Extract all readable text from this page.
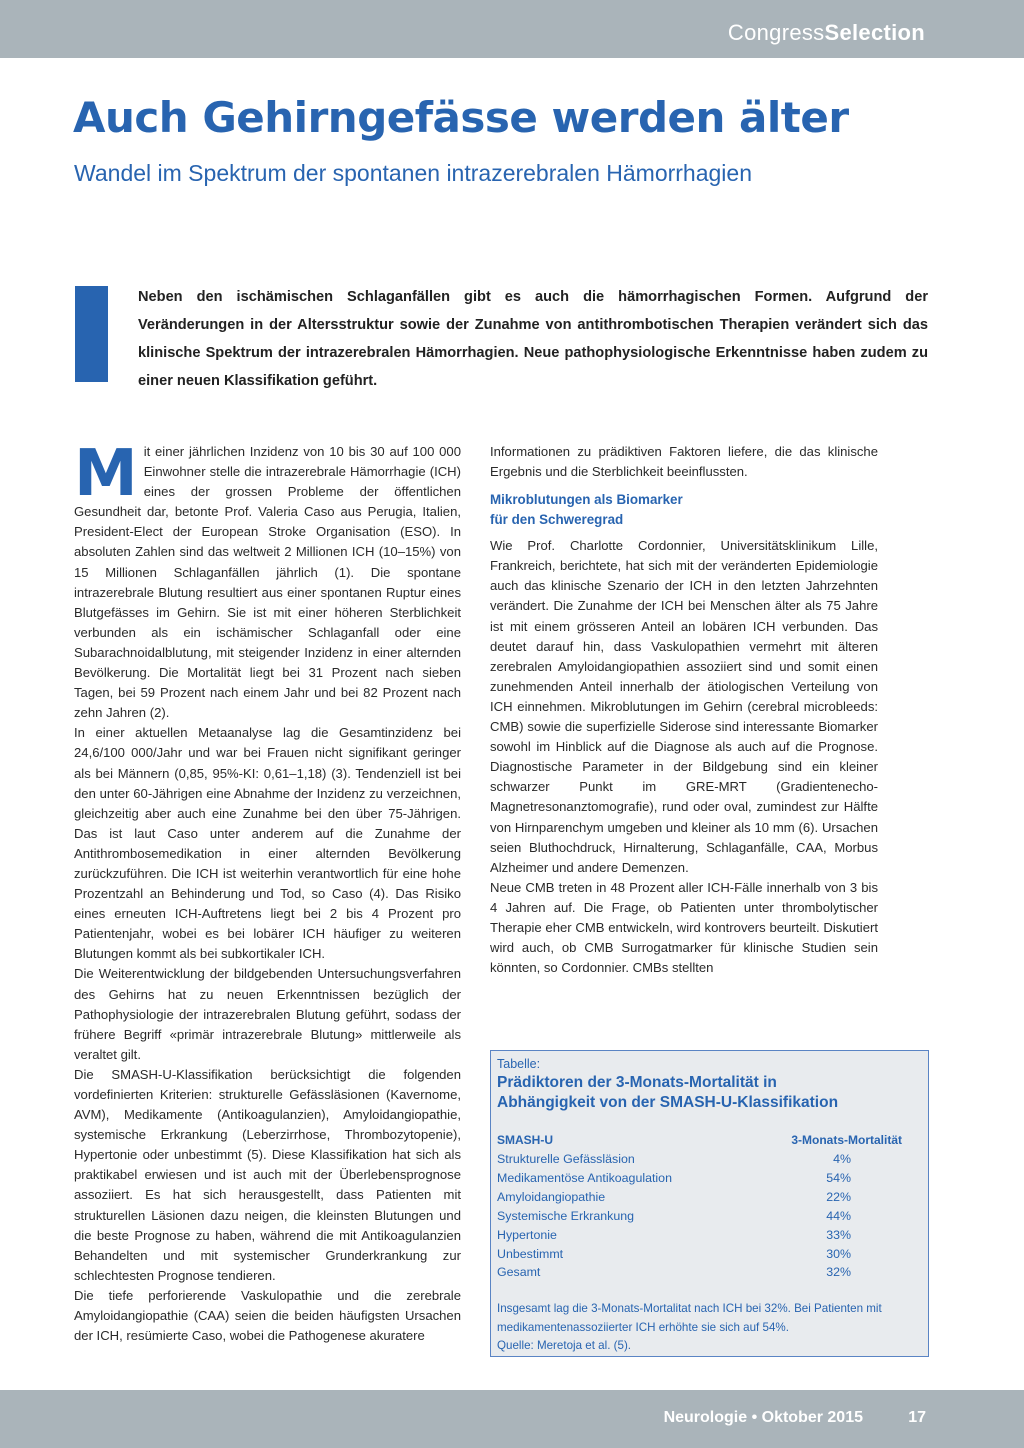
CongressSelection
Auch Gehirngefässe werden älter
Wandel im Spektrum der spontanen intrazerebralen Hämorrhagien
Neben den ischämischen Schlaganfällen gibt es auch die hämorrhagischen Formen. Aufgrund der Veränderungen in der Altersstruktur sowie der Zunahme von antithrombotischen Therapien verändert sich das klinische Spektrum der intrazerebralen Hämorrhagien. Neue pathophysiologische Erkenntnisse haben zudem zu einer neuen Klassifikation geführt.
M it einer jährlichen Inzidenz von 10 bis 30 auf 100 000 Einwohner stelle die intrazerebrale Hämorrhagie (ICH) eines der grossen Probleme der öffentlichen Gesundheit dar, betonte Prof. Valeria Caso aus Perugia, Italien, President-Elect der European Stroke Organisation (ESO). In absoluten Zahlen sind das weltweit 2 Millionen ICH (10–15%) von 15 Millionen Schlaganfällen jährlich (1). Die spontane intrazerebrale Blutung resultiert aus einer spontanen Ruptur eines Blutgefässes im Gehirn. Sie ist mit einer höheren Sterblichkeit verbunden als ein ischämischer Schlaganfall oder eine Subarachnoidalblutung, mit steigender Inzidenz in einer alternden Bevölkerung. Die Mortalität liegt bei 31 Prozent nach sieben Tagen, bei 59 Prozent nach einem Jahr und bei 82 Prozent nach zehn Jahren (2).

In einer aktuellen Metaanalyse lag die Gesamtinzidenz bei 24,6/100 000/Jahr und war bei Frauen nicht signifikant geringer als bei Männern (0,85, 95%-KI: 0,61–1,18) (3). Tendenziell ist bei den unter 60-Jährigen eine Abnahme der Inzidenz zu verzeichnen, gleichzeitig aber auch eine Zunahme bei den über 75-Jährigen. Das ist laut Caso unter anderem auf die Zunahme der Antithrombosemedikation in einer alternden Bevölkerung zurückzuführen. Die ICH ist weiterhin verantwortlich für eine hohe Prozentzahl an Behinderung und Tod, so Caso (4). Das Risiko eines erneuten ICH-Auftretens liegt bei 2 bis 4 Prozent pro Patientenjahr, wobei es bei lobärer ICH häufiger zu weiteren Blutungen kommt als bei subkortikaler ICH.

Die Weiterentwicklung der bildgebenden Untersuchungsverfahren des Gehirns hat zu neuen Erkenntnissen bezüglich der Pathophysiologie der intrazerebralen Blutung geführt, sodass der frühere Begriff «primär intrazerebrale Blutung» mittlerweile als veraltet gilt.

Die SMASH-U-Klassifikation berücksichtigt die folgenden vordefinierten Kriterien: strukturelle Gefässläsionen (Kavernome, AVM), Medikamente (Antikoagulanzien), Amyloidangiopathie, systemische Erkrankung (Leberzirrhose, Thrombozytopenie), Hypertonie oder unbestimmt (5). Diese Klassifikation hat sich als praktikabel erwiesen und ist auch mit der Überlebensprognose assoziiert. Es hat sich herausgestellt, dass Patienten mit strukturellen Läsionen dazu neigen, die kleinsten Blutungen und die beste Prognose zu haben, während die mit Antikoagulanzien Behandelten und mit systemischer Grunderkrankung zur schlechtesten Prognose tendieren.

Die tiefe perforierende Vaskulopathie und die zerebrale Amyloidangiopathie (CAA) seien die beiden häufigsten Ursachen der ICH, resümierte Caso, wobei die Pathogenese akuratere

Informationen zu prädiktiven Faktoren liefere, die das klinische Ergebnis und die Sterblichkeit beeinflussten.

Mikroblutungen als Biomarker
für den Schweregrad

Wie Prof. Charlotte Cordonnier, Universitätsklinikum Lille, Frankreich, berichtete, hat sich mit der veränderten Epidemiologie auch das klinische Szenario der ICH in den letzten Jahrzehnten verändert. Die Zunahme der ICH bei Menschen älter als 75 Jahre ist mit einem grösseren Anteil an lobären ICH verbunden. Das deutet darauf hin, dass Vaskulopathien vermehrt mit älteren zerebralen Amyloidangiopathien assoziiert sind und somit einen zunehmenden Anteil innerhalb der ätiologischen Verteilung von ICH einnehmen. Mikroblutungen im Gehirn (cerebral microbleeds: CMB) sowie die superfizielle Siderose sind interessante Biomarker sowohl im Hinblick auf die Diagnose als auch auf die Prognose. Diagnostische Parameter in der Bildgebung sind ein kleiner schwarzer Punkt im GRE-MRT (Gradientenecho-Magnetresonanztomografie), rund oder oval, zumindest zur Hälfte von Hirnparenchym umgeben und kleiner als 10 mm (6). Ursachen seien Bluthochdruck, Hirnalterung, Schlaganfälle, CAA, Morbus Alzheimer und andere Demenzen.

Neue CMB treten in 48 Prozent aller ICH-Fälle innerhalb von 3 bis 4 Jahren auf. Die Frage, ob Patienten unter thrombolytischer Therapie eher CMB entwickeln, wird kontrovers beurteilt. Diskutiert wird auch, ob CMB Surrogatmarker für klinische Studien sein könnten, so Cordonnier. CMBs stellten

Tabelle:
Prädiktoren der 3-Monats-Mortalität in
Abhängigkeit von der SMASH-U-Klassifikation
SMASH-U	3-Monats-Mortalität
Strukturelle Gefässläsion	4%
Medikamentöse Antikoagulation	54%
Amyloidangiopathie	22%
Systemische Erkrankung	44%
Hypertonie	33%
Unbestimmt	30%
Gesamt	32%
Insgesamt lag die 3-Monats-Mortalitat nach ICH bei 32%. Bei Patienten mit
medikamentenassoziierter ICH erhöhte sie sich auf 54%.
Quelle: Meretoja et al. (5).
Neurologie • Oktober 2015	17
